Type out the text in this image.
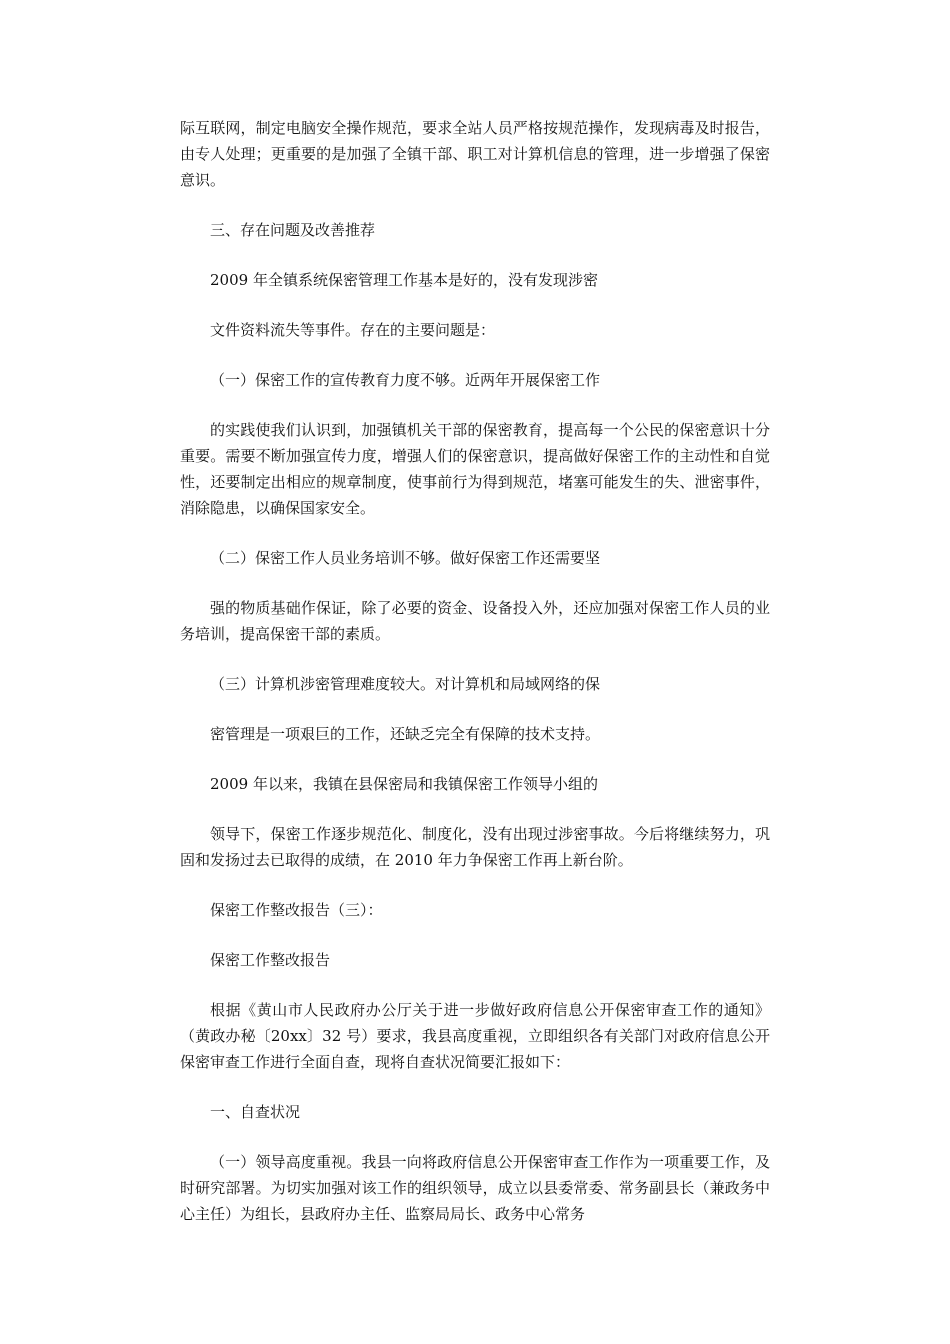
际互联网，制定电脑安全操作规范，要求全站人员严格按规范操作，发现病毒及时报告，由专人处理；更重要的是加强了全镇干部、职工对计算机信息的管理，进一步增强了保密意识。

三、存在问题及改善推荐

2009 年全镇系统保密管理工作基本是好的，没有发现涉密

文件资料流失等事件。存在的主要问题是：

（一）保密工作的宣传教育力度不够。近两年开展保密工作

的实践使我们认识到，加强镇机关干部的保密教育，提高每一个公民的保密意识十分重要。需要不断加强宣传力度，增强人们的保密意识，提高做好保密工作的主动性和自觉性，还要制定出相应的规章制度，使事前行为得到规范，堵塞可能发生的失、泄密事件，消除隐患，以确保国家安全。

（二）保密工作人员业务培训不够。做好保密工作还需要坚

强的物质基础作保证，除了必要的资金、设备投入外，还应加强对保密工作人员的业务培训，提高保密干部的素质。

（三）计算机涉密管理难度较大。对计算机和局域网络的保

密管理是一项艰巨的工作，还缺乏完全有保障的技术支持。

2009 年以来，我镇在县保密局和我镇保密工作领导小组的

领导下，保密工作逐步规范化、制度化，没有出现过涉密事故。今后将继续努力，巩固和发扬过去已取得的成绩，在 2010 年力争保密工作再上新台阶。

保密工作整改报告（三）：

保密工作整改报告

根据《黄山市人民政府办公厅关于进一步做好政府信息公开保密审查工作的通知》（黄政办秘〔20xx〕32 号）要求，我县高度重视，立即组织各有关部门对政府信息公开保密审查工作进行全面自查，现将自查状况简要汇报如下：

一、自查状况

（一）领导高度重视。我县一向将政府信息公开保密审查工作作为一项重要工作，及时研究部署。为切实加强对该工作的组织领导，成立以县委常委、常务副县长（兼政务中心主任）为组长，县政府办主任、监察局局长、政务中心常务
